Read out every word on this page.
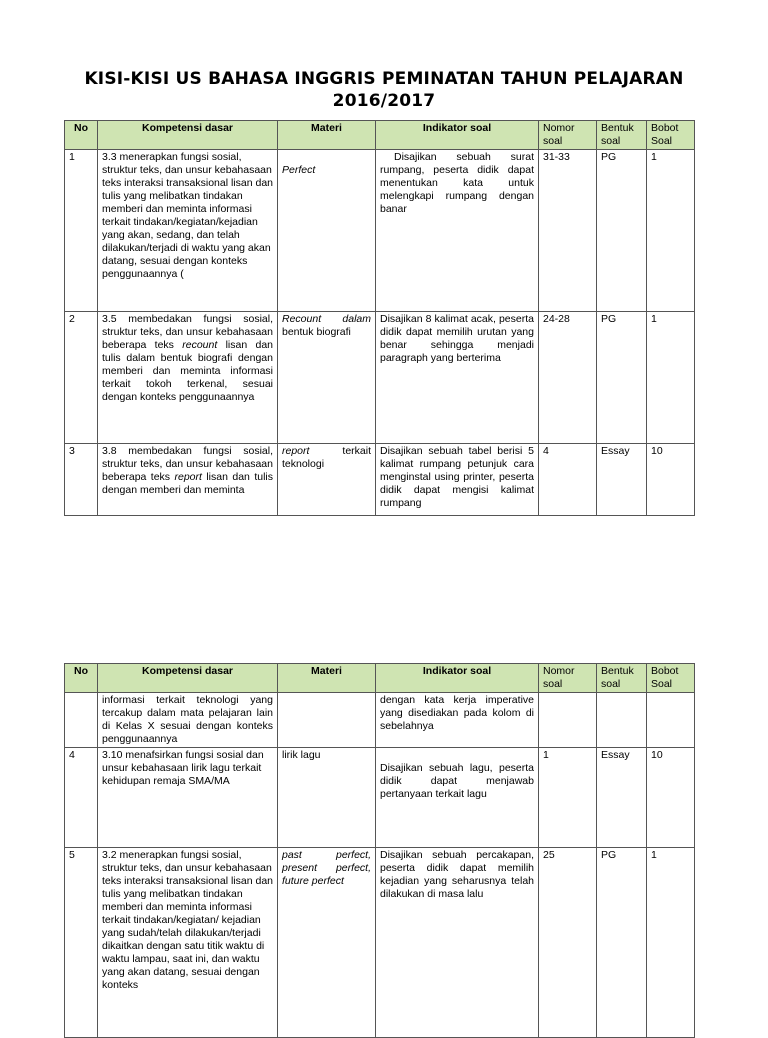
KISI-KISI US BAHASA INGGRIS PEMINATAN TAHUN PELAJARAN
2016/2017
No	Kompetensi dasar	Materi	Indikator soal	Nomor soal	Bentuk soal	Bobot Soal
1	3.3 menerapkan fungsi sosial, struktur teks, dan unsur kebahasaan teks interaksi transaksional lisan dan tulis yang melibatkan tindakan memberi dan meminta informasi terkait tindakan/kegiatan/kejadian yang akan, sedang, dan telah dilakukan/terjadi di waktu yang akan datang, sesuai dengan konteks penggunaannya (	Perfect	Disajikan sebuah surat rumpang, peserta didik dapat menentukan kata untuk melengkapi rumpang dengan banar	31-33	PG	1
2	3.5 membedakan fungsi sosial, struktur teks, dan unsur kebahasaan beberapa teks recount lisan dan tulis dalam bentuk biografi dengan memberi dan meminta informasi terkait tokoh terkenal, sesuai dengan konteks penggunaannya	Recount dalam bentuk biografi	Disajikan 8 kalimat acak, peserta didik dapat memilih urutan yang benar sehingga menjadi paragraph yang berterima	24-28	PG	1
3	3.8 membedakan fungsi sosial, struktur teks, dan unsur kebahasaan beberapa teks report lisan dan tulis dengan memberi dan meminta	report terkait teknologi	Disajikan sebuah tabel berisi 5 kalimat rumpang petunjuk cara menginstal using printer, peserta didik dapat mengisi kalimat rumpang	4	Essay	10
No	Kompetensi dasar	Materi	Indikator soal	Nomor soal	Bentuk soal	Bobot Soal
	informasi terkait teknologi yang tercakup dalam mata pelajaran lain di Kelas X sesuai dengan konteks penggunaannya		dengan kata kerja imperative yang disediakan pada kolom di sebelahnya			
4	3.10 menafsirkan fungsi sosial dan unsur kebahasaan lirik lagu terkait kehidupan remaja SMA/MA	lirik lagu	Disajikan sebuah lagu, peserta didik dapat menjawab pertanyaan terkait lagu	1	Essay	10
5	3.2 menerapkan fungsi sosial, struktur teks, dan unsur kebahasaan teks interaksi transaksional lisan dan tulis yang melibatkan tindakan memberi dan meminta informasi terkait tindakan/kegiatan/ kejadian yang sudah/telah dilakukan/terjadi dikaitkan dengan satu titik waktu di waktu lampau, saat ini, dan waktu yang akan datang, sesuai dengan konteks	past perfect, present perfect, future perfect	Disajikan sebuah percakapan, peserta didik dapat memilih kejadian yang seharusnya telah dilakukan di masa lalu	25	PG	1
